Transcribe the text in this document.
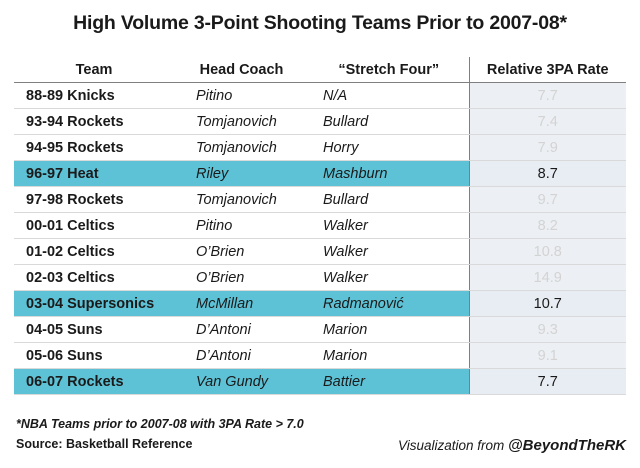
High Volume 3-Point Shooting Teams Prior to 2007-08*
Team	Head Coach	“Stretch Four”	Relative 3PA Rate
88-89 Knicks	Pitino	N/A	7.7
93-94 Rockets	Tomjanovich	Bullard	7.4
94-95 Rockets	Tomjanovich	Horry	7.9
96-97 Heat	Riley	Mashburn	8.7
97-98 Rockets	Tomjanovich	Bullard	9.7
00-01 Celtics	Pitino	Walker	8.2
01-02 Celtics	O’Brien	Walker	10.8
02-03 Celtics	O’Brien	Walker	14.9
03-04 Supersonics	McMillan	Radmanović	10.7
04-05 Suns	D’Antoni	Marion	9.3
05-06 Suns	D’Antoni	Marion	9.1
06-07 Rockets	Van Gundy	Battier	7.7
*NBA Teams prior to 2007-08 with 3PA Rate > 7.0
Source: Basketball Reference	Visualization from @BeyondTheRK
